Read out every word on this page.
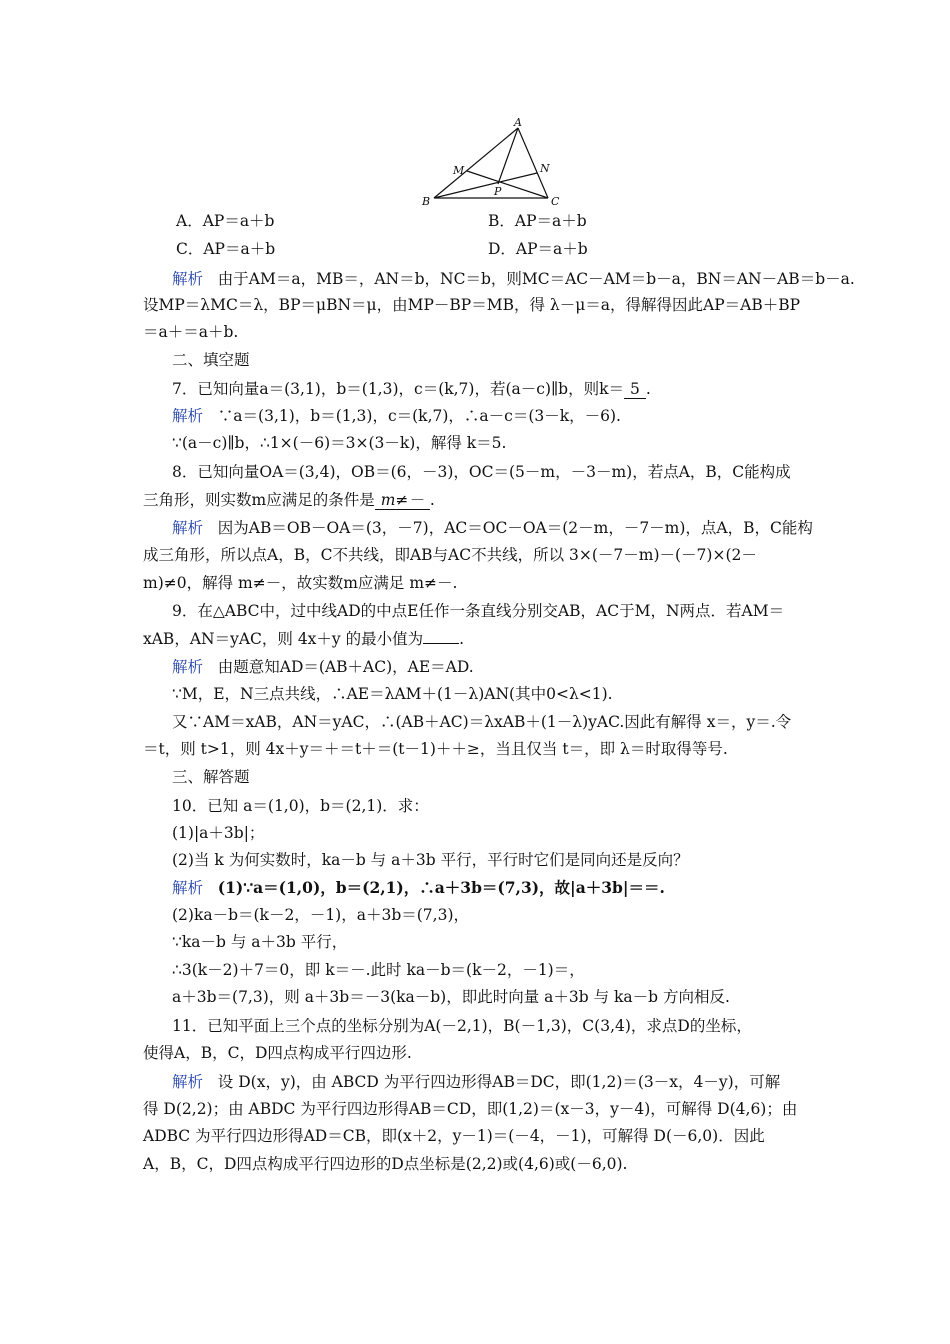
A
M	N
P
B	C
A．AP＝a＋b	B．AP＝a＋b
C．AP＝a＋b	D．AP＝a＋b
解析 由于AM＝a，MB＝，AN＝b，NC＝b，则MC＝AC－AM＝b－a，BN＝AN－AB＝b－a.
设MP＝λMC＝λ，BP＝μBN＝μ，由MP－BP＝MB，得 λ－μ＝a，得解得因此AP＝AB＋BP
＝a＋＝a＋b.
二、填空题
7．已知向量a＝(3,1)，b＝(1,3)，c＝(k,7)，若(a－c)∥b，则k＝ 5 .
解析 ∵a＝(3,1)，b＝(1,3)，c＝(k,7)，∴a－c＝(3－k，－6).
∵(a－c)∥b，∴1×(－6)＝3×(3－k)，解得 k＝5.
8．已知向量OA＝(3,4)，OB＝(6，－3)，OC＝(5－m，－3－m)，若点A，B，C能构成
三角形，则实数m应满足的条件是 m≠－ .
解析 因为AB＝OB－OA＝(3，－7)，AC＝OC－OA＝(2－m，－7－m)，点A，B，C能构
成三角形，所以点A，B，C不共线，即AB与AC不共线，所以 3×(－7－m)－(－7)×(2－
m)≠0，解得 m≠－，故实数m应满足 m≠－.
9．在△ABC中，过中线AD的中点E任作一条直线分别交AB，AC于M，N两点．若AM＝
xAB，AN＝yAC，则 4x＋y 的最小值为 .
解析 由题意知AD＝(AB＋AC)，AE＝AD.
∵M，E，N三点共线，∴AE＝λAM＋(1－λ)AN(其中0<λ<1).
又∵AM＝xAB，AN＝yAC，∴(AB＋AC)＝λxAB＋(1－λ)yAC.因此有解得 x＝，y＝.令
＝t，则 t>1，则 4x＋y＝＋＝t＋＝(t－1)＋＋≥，当且仅当 t＝，即 λ＝时取得等号.
三、解答题
10．已知 a＝(1,0)，b＝(2,1)．求：
(1)|a＋3b|；
(2)当 k 为何实数时，ka－b 与 a＋3b 平行，平行时它们是同向还是反向？
解析 (1)∵a＝(1,0)，b＝(2,1)，∴a＋3b＝(7,3)，故|a＋3b|＝＝.
(2)ka－b＝(k－2，－1)，a＋3b＝(7,3)，
∵ka－b 与 a＋3b 平行，
∴3(k－2)＋7＝0，即 k＝－.此时 ka－b＝(k－2，－1)＝，
a＋3b＝(7,3)，则 a＋3b＝－3(ka－b)，即此时向量 a＋3b 与 ka－b 方向相反.
11．已知平面上三个点的坐标分别为A(－2,1)，B(－1,3)，C(3,4)，求点D的坐标，
使得A，B，C，D四点构成平行四边形.
解析 设 D(x，y)，由 ABCD 为平行四边形得AB＝DC，即(1,2)＝(3－x，4－y)，可解
得 D(2,2)；由 ABDC 为平行四边形得AB＝CD，即(1,2)＝(x－3，y－4)，可解得 D(4,6)；由
ADBC 为平行四边形得AD＝CB，即(x＋2，y－1)＝(－4，－1)，可解得 D(－6,0)．因此
A，B，C，D四点构成平行四边形的D点坐标是(2,2)或(4,6)或(－6,0).
